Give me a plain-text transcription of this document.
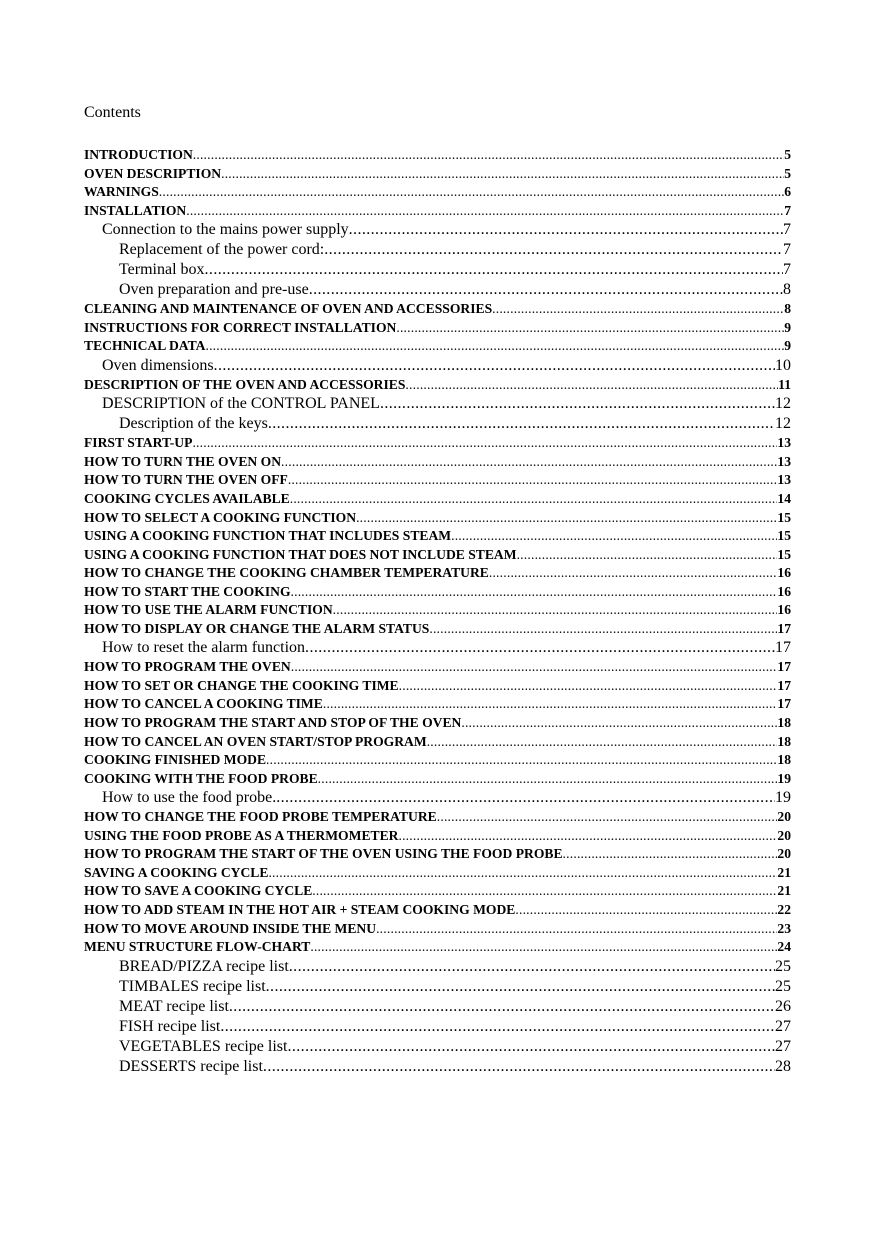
Contents
INTRODUCTION .....	5
OVEN DESCRIPTION .....	5
WARNINGS .....	6
INSTALLATION .....	7
Connection to the mains power supply .....	7
Replacement of the power cord: .....	7
Terminal box .....	7
Oven preparation and pre-use .....	8
CLEANING AND MAINTENANCE OF OVEN AND ACCESSORIES .....	8
INSTRUCTIONS FOR CORRECT INSTALLATION .....	9
TECHNICAL DATA .....	9
Oven dimensions .....	10
DESCRIPTION OF THE OVEN AND ACCESSORIES .....	11
DESCRIPTION of the CONTROL PANEL .....	12
Description of the keys .....	12
FIRST START-UP .....	13
HOW TO TURN THE OVEN ON .....	13
HOW TO TURN THE OVEN OFF .....	13
COOKING CYCLES AVAILABLE .....	14
HOW TO SELECT A COOKING FUNCTION .....	15
USING A COOKING FUNCTION THAT INCLUDES STEAM .....	15
USING A COOKING FUNCTION THAT DOES NOT INCLUDE STEAM .....	15
HOW TO CHANGE THE COOKING CHAMBER TEMPERATURE .....	16
HOW TO START THE COOKING .....	16
HOW TO USE THE ALARM FUNCTION .....	16
HOW TO DISPLAY OR CHANGE THE ALARM STATUS .....	17
How to reset the alarm function .....	17
HOW TO PROGRAM THE OVEN .....	17
HOW TO SET OR CHANGE THE COOKING TIME .....	17
HOW TO CANCEL A COOKING TIME .....	17
HOW TO PROGRAM THE START AND STOP OF THE OVEN .....	18
HOW TO CANCEL AN OVEN START/STOP PROGRAM .....	18
COOKING FINISHED MODE .....	18
COOKING WITH THE FOOD PROBE .....	19
How to use the food probe. .....	19
HOW TO CHANGE THE FOOD PROBE TEMPERATURE .....	20
USING THE FOOD PROBE AS A THERMOMETER .....	20
HOW TO PROGRAM THE START OF THE OVEN USING THE FOOD PROBE .....	20
SAVING A COOKING CYCLE .....	21
HOW TO SAVE A COOKING CYCLE .....	21
HOW TO ADD STEAM IN THE HOT AIR + STEAM COOKING MODE .....	22
HOW TO MOVE AROUND INSIDE THE MENU .....	23
MENU STRUCTURE FLOW-CHART .....	24
BREAD/PIZZA recipe list .....	25
TIMBALES recipe list .....	25
MEAT recipe list .....	26
FISH recipe list .....	27
VEGETABLES recipe list .....	27
DESSERTS recipe list .....	28
